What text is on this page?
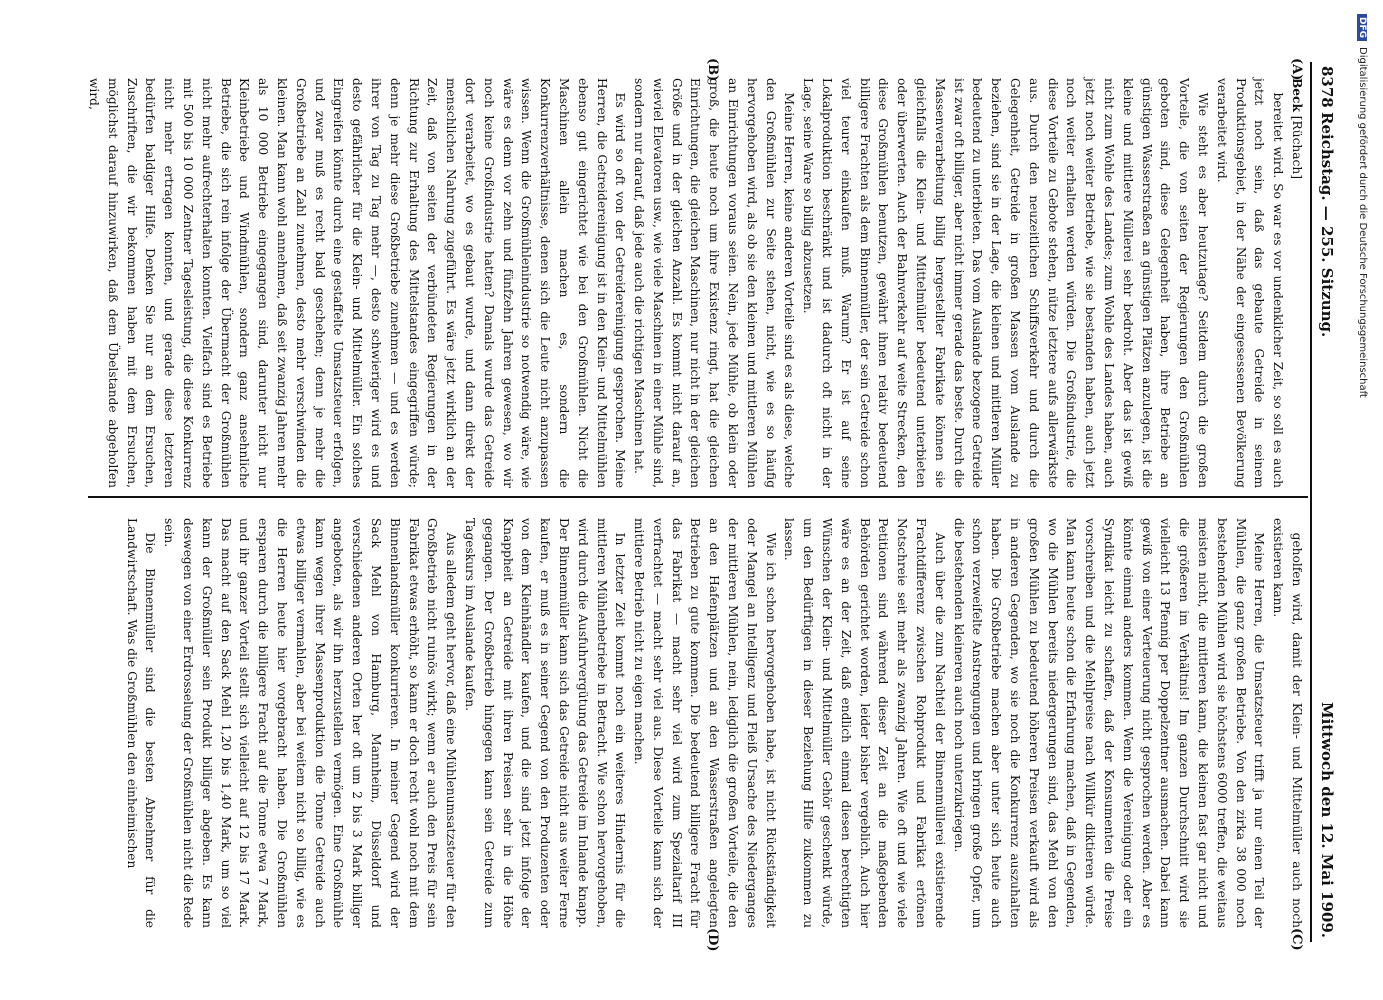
8378
Reichstag. — 255. Sitzung.
Mittwoch den 12. Mai 1909.
(A)
(B)
(C)
(D)
Beck [Rüchach]

bereitet wird. So war es vor undenklicher Zeit, so soll es auch jetzt noch sein, daß das gebaute Getreide in seinem Produktionsgebiet, in der Nähe der eingesessenen Bevölkerung verarbeitet wird.

Wie steht es aber heutzutage? Seitdem durch die großen Vorteile, die von seiten der Regierungen den Großmühlen geboten sind, diese Gelegenheit haben, ihre Betriebe an günstigen Wasserstraßen an günstigen Plätzen anzulegen, ist die kleine und mittlere Müllerei sehr bedroht. Aber das ist gewiß nicht zum Wohle des Landes; zum Wohle des Landes haben, auch jetzt noch weiter Betriebe, wie sie bestanden haben, auch jetzt noch weiter erhalten werden würden. Die Großindustrie, die diese Vorteile zu Gebote stehen, nütze letztere aufs allerwärkste aus. Durch den neuzeitlichen Schiffsverkehr und durch die Gelegenheit, Getreide in großen Massen vom Auslande zu beziehen, sind sie in der Lage, die kleinen und mittleren Müller bedeutend zu unterbieten. Das vom Auslande bezogene Getreide ist zwar oft billiger, aber nicht immer gerade das beste. Durch die Massenverarbeitung billig hergestellter Fabrikate können sie gleichfalls die Klein- und Mittelmüller bedeutend unterbieten oder überwerten. Auch der Bahnverkehr auf weite Strecken, den diese Großmühlen benutzen, gewährt ihnen relativ bedeutend billigere Frachten als dem Binnenmüller, der sein Getreide schon viel teurer einkaufen muß. Warum? Er ist auf seine Lokalproduktion beschränkt und ist dadurch oft nicht in der Lage, seine Ware so billig abzusetzen.

Meine Herren, keine anderen Vorteile sind es als diese, welche den Großmühlen zur Seite stehen, nicht, wie es so häufig hervorgehoben wird, als ob sie den kleinen und mittleren Mühlen an Einrichtungen voraus seien. Nein, jede Mühle, ob klein oder groß, die heute noch um ihre Existenz ringt, hat die gleichen Einrichtungen, die gleichen Maschinen, nur nicht in der gleichen Größe und in der gleichen Anzahl. Es kommt nicht darauf an, wieviel Elevatoren usw., wie viele Maschinen in einer Mühle sind, sondern nur darauf, daß jede auch die richtigen Maschinen hat.

Es wird so oft von der Getreidereinigung gesprochen. Meine Herren, die Getreidereinigung ist in den Klein- und Mittelmühlen ebenso gut eingerichtet wie bei den Großmühlen. Nicht die Maschinen allein machen es, sondern die Konkurrenzverhältnisse, denen sich die Leute nicht anzupassen wissen. Wenn die Großmühlenindustrie so notwendig wäre, wie wäre es denn vor zehn und fünfzehn Jahren gewesen, wo wir noch keine Großindustrie hatten? Damals wurde das Getreide dort verarbeitet, wo es gebaut wurde, und dann direkt der menschlichen Nahrung zugeführt. Es wäre jetzt wirklich an der Zeit, daß von seiten der verbündeten Regierungen in der Richtung zur Erhaltung des Mittelstandes eingegriffen würde; denn je mehr diese Großbetriebe zunehmen — und es werden ihrer von Tag zu Tag mehr —, desto schwieriger wird es und desto gefährlicher für die Klein- und Mittelmüller. Ein solches Eingreifen könnte durch eine gestaffelte Umsatzsteuer erfolgen, und zwar muß es recht bald geschehen; denn je mehr die Großbetriebe an Zahl zunehmen, desto mehr verschwinden die kleinen. Man kann wohl annehmen, daß seit zwanzig Jahren mehr als 10 000 Betriebe eingegangen sind, darunter nicht nur Kleinbetriebe und Windmühlen, sondern ganz ansehnliche Betriebe, die sich rein infolge der Übermacht der Großmühlen nicht mehr aufrechterhalten konnten. Vielfach sind es Betriebe mit 500 bis 10 000 Zentner Tagesleistung, die diese Konkurrenz nicht mehr ertragen konnten, und gerade diese letzteren bedürfen baldiger Hilfe. Denken Sie nur an dem Ersuchen, Zuschriften, die wir bekommen haben mit dem Ersuchen, möglichst darauf hinzuwirken, daß dem Übelstande abgeholfen wird,

geholfen wird, damit der Klein- und Mittelmüller auch noch existieren kann.

Meine Herren, die Umsatzsteuer trifft ja nur einen Teil der Mühlen, die ganz großen Betriebe. Von den zirka 38 000 noch bestehenden Mühlen wird sie höchstens 6000 treffen, die weitaus meisten nicht, die mittleren kann, die kleinen fast gar nicht und die größeren im Verhältnis! Im ganzen Durchschnitt wird sie vielleicht 13 Pfennig per Doppelzentner ausmachen. Dabei kann gewiß von einer Verteuerung nicht gesprochen werden. Aber es könnte einmal anders kommen. Wenn die Vereinigung oder ein Syndikat leicht zu schaffen, daß der Konsumenten die Preise vorschreiben und die Mehlpreise nach Willkür diktieren würde. Man kann heute schon die Erfahrung machen, daß in Gegenden, wo die Mühlen bereits niedergerungen sind, das Mehl von den großen Mühlen zu bedeutend höheren Preisen verkauft wird als in anderen Gegenden, wo sie noch die Konkurrenz auszuhalten haben. Die Großbetriebe machen aber unter sich heute auch schon verzweifelte Anstrengungen und bringen große Opfer, um die bestehenden kleineren auch noch unterzukriegen.

Auch über die zum Nachteil der Binnenmüllerei existierende Frachtdifferenz zwischen Rohprodukt und Fabrikat ertönen Notschreie seit mehr als zwanzig Jahren. Wie oft und wie viele Petitionen sind während dieser Zeit an die maßgebenden Behörden gerichtet worden, leider bisher vergeblich. Auch hier wäre es an der Zeit, daß endlich einmal diesen berechtigten Wünschen der Klein- und Mittelmüller Gehör geschenkt würde, um den Bedürftigen in dieser Beziehung Hilfe zukommen zu lassen.

Wie ich schon hervorgehoben habe, ist nicht Rückständigkeit oder Mangel an Intelligenz und Fleiß Ursache des Niederganges der mittleren Mühlen, nein, lediglich die großen Vorteile, die den an den Hafenplätzen und an den Wasserstraßen angelegten Betrieben zu gute kommen. Die bedeutend billigere Fracht für das Fabrikat — macht sehr viel wird zum Spezialtarif III verfrachtet — macht sehr viel aus. Diese Vorteile kann sich der mittlere Betrieb nicht zu eigen machen.

In letzter Zeit kommt noch ein weiteres Hindernis für die mittleren Mühlenbetriebe in Betracht. Wie schon hervorgehoben, wird durch die Ausfuhrvergütung das Getreide im Inlande knapp. Der Binnenmüller kann sich das Getreide nicht aus weiter Ferne kaufen, er muß es in seiner Gegend von den Produzenten oder von dem Kleinhändler kaufen, und die sind jetzt infolge der Knappheit an Getreide mit ihren Preisen sehr in die Höhe gegangen. Der Großbetrieb hingegen kann sein Getreide zum Tageskurs im Auslande kaufen.

Aus alledem geht hervor, daß eine Mühlenumsatzsteuer für den Großbetrieb nicht ruinös wirkt; wenn er auch den Preis für sein Fabrikat etwas erhöht, so kann er doch recht wohl noch mit dem Binnenlandsmüller konkurrieren. In meiner Gegend wird der Sack Mehl von Hamburg, Mannheim, Düsseldorf und verschiedenen anderen Orten her oft um 2 bis 3 Mark billiger angeboten, als wir ihn herzustellen vermögen. Eine Großmühle kann wegen ihrer Massenproduktion die Tonne Getreide auch etwas billiger vermahlen, aber bei weitem nicht so billig, wie es die Herren heute hier vorgebracht haben. Die Großmühlen ersparen durch die billigere Fracht auf die Tonne etwa 7 Mark, und ihr ganzer Vorteil stellt sich vielleicht auf 12 bis 17 Mark. Das macht auf den Sack Mehl 1,20 bis 1,40 Mark, um so viel kann der Großmüller sein Produkt billiger abgeben. Es kann deswegen von einer Erdrosselung der Großmühlen nicht die Rede sein.

Die Binnenmüller sind die besten Abnehmer für die Landwirtschaft. Was die Großmühlen den einheimischen

DFGDigitalisierung gefördert durch die Deutsche Forschungsgemeinschaft
